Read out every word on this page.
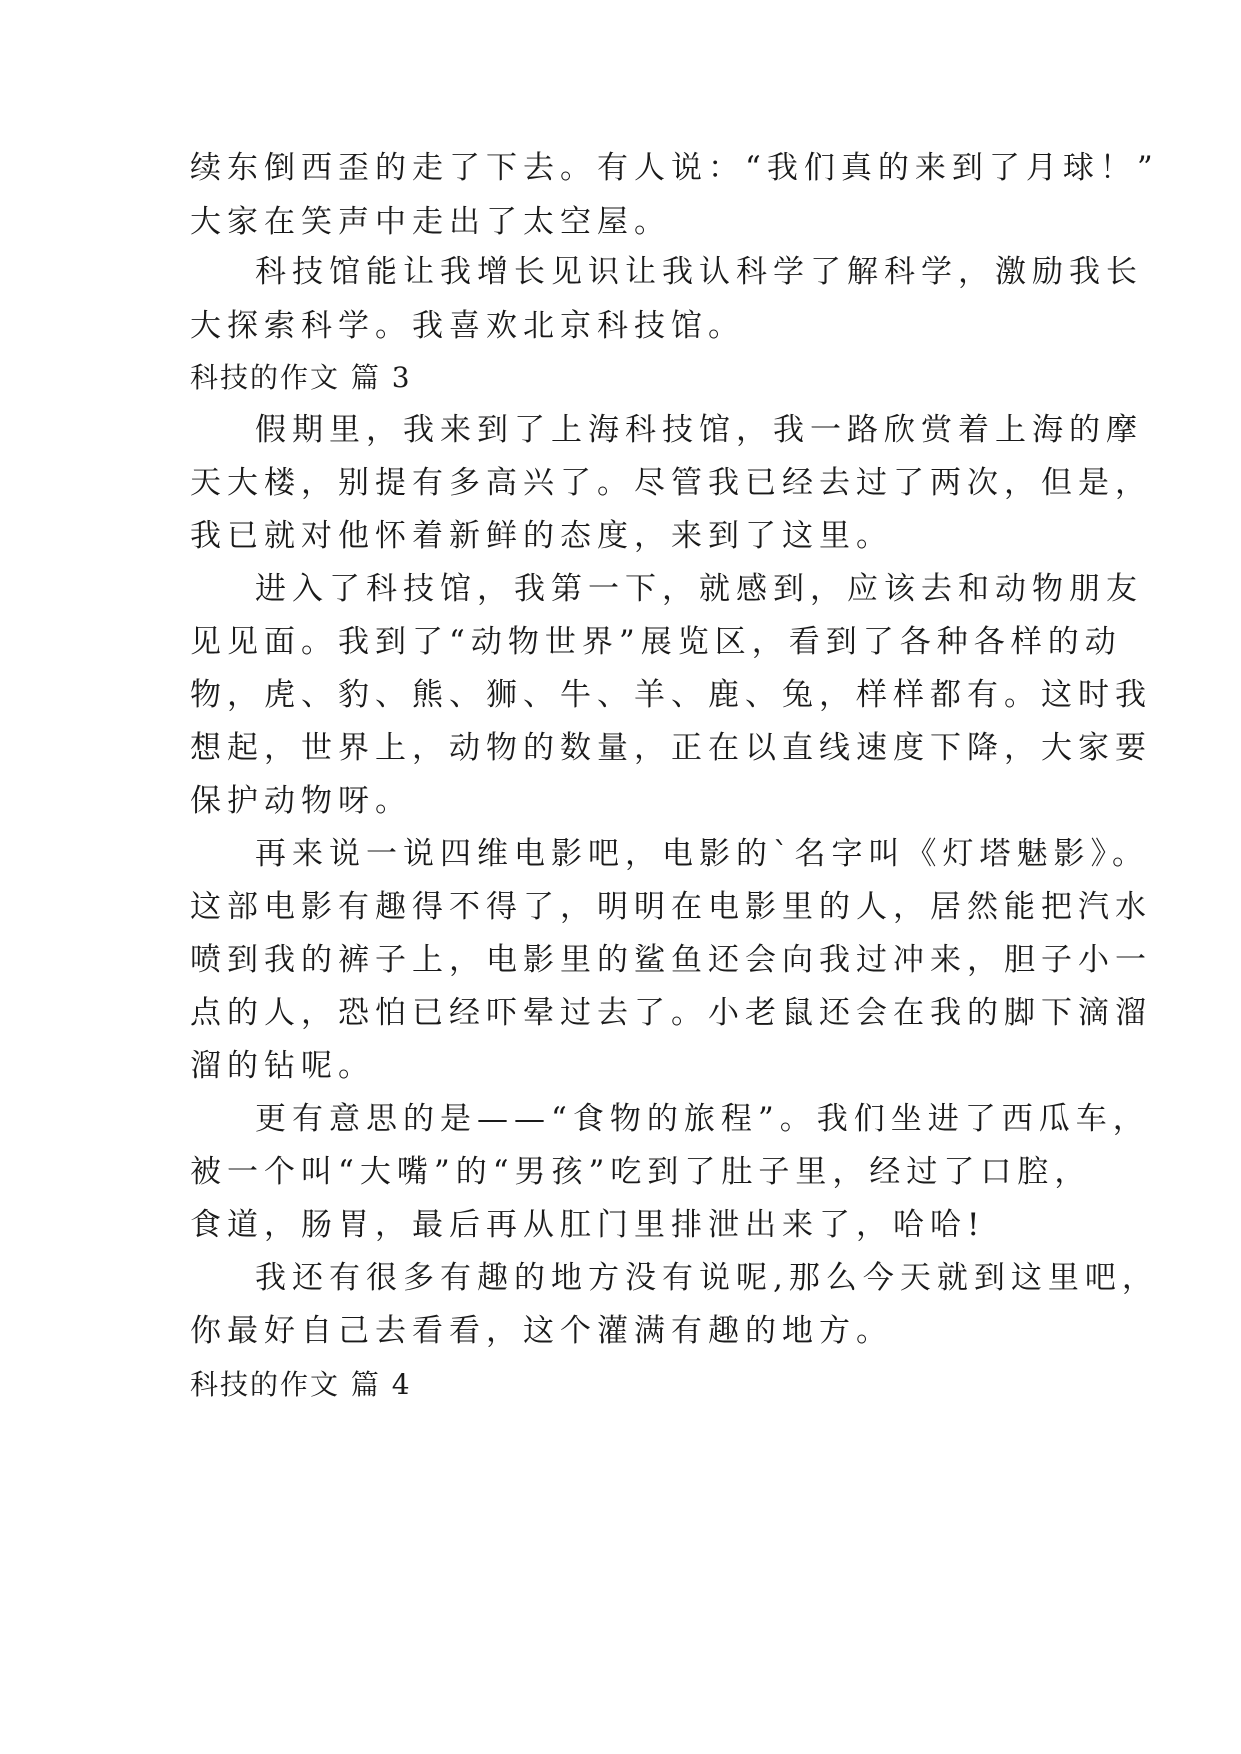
续东倒西歪的走了下去。有人说：“我们真的来到了月球！”
大家在笑声中走出了太空屋。
科技馆能让我增长见识让我认科学了解科学，激励我长
大探索科学。我喜欢北京科技馆。
科技的作文 篇 3
假期里，我来到了上海科技馆，我一路欣赏着上海的摩
天大楼，别提有多高兴了。尽管我已经去过了两次，但是，
我已就对他怀着新鲜的态度，来到了这里。
进入了科技馆，我第一下，就感到，应该去和动物朋友
见见面。我到了“动物世界”展览区，看到了各种各样的动
物，虎、豹、熊、狮、牛、羊、鹿、兔，样样都有。这时我
想起，世界上，动物的数量，正在以直线速度下降，大家要
保护动物呀。
再来说一说四维电影吧，电影的`名字叫《灯塔魅影》。
这部电影有趣得不得了，明明在电影里的人，居然能把汽水
喷到我的裤子上，电影里的鲨鱼还会向我过冲来，胆子小一
点的人，恐怕已经吓晕过去了。小老鼠还会在我的脚下滴溜
溜的钻呢。
更有意思的是——“食物的旅程”。我们坐进了西瓜车，
被一个叫“大嘴”的“男孩”吃到了肚子里，经过了口腔，
食道，肠胃，最后再从肛门里排泄出来了，哈哈!
我还有很多有趣的地方没有说呢,那么今天就到这里吧，
你最好自己去看看，这个灌满有趣的地方。
科技的作文 篇 4
